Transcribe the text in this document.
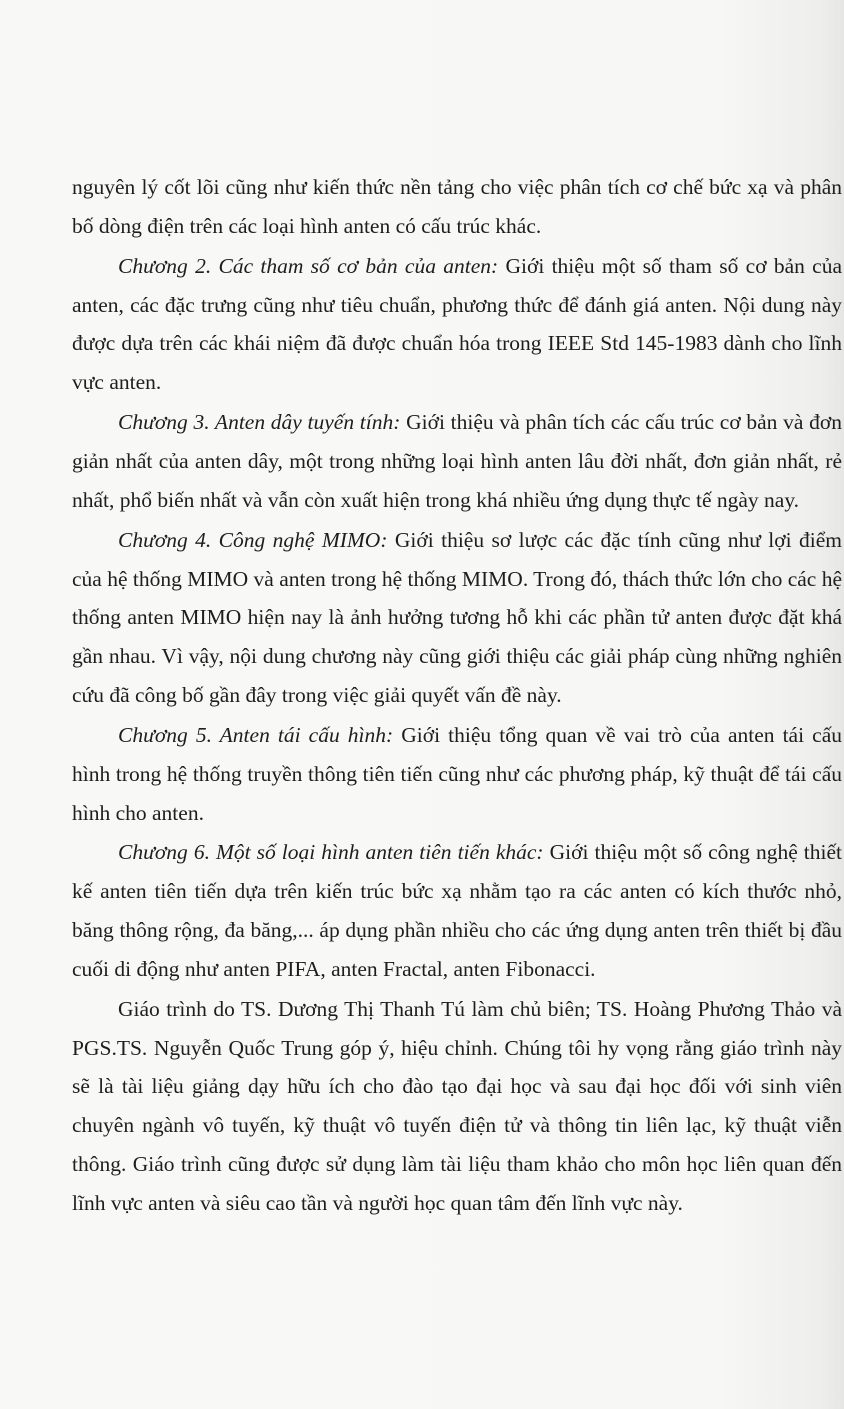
nguyên lý cốt lõi cũng như kiến thức nền tảng cho việc phân tích cơ chế bức xạ và phân bố dòng điện trên các loại hình anten có cấu trúc khác.

Chương 2. Các tham số cơ bản của anten: Giới thiệu một số tham số cơ bản của anten, các đặc trưng cũng như tiêu chuẩn, phương thức để đánh giá anten. Nội dung này được dựa trên các khái niệm đã được chuẩn hóa trong IEEE Std 145-1983 dành cho lĩnh vực anten.

Chương 3. Anten dây tuyến tính: Giới thiệu và phân tích các cấu trúc cơ bản và đơn giản nhất của anten dây, một trong những loại hình anten lâu đời nhất, đơn giản nhất, rẻ nhất, phổ biến nhất và vẫn còn xuất hiện trong khá nhiều ứng dụng thực tế ngày nay.

Chương 4. Công nghệ MIMO: Giới thiệu sơ lược các đặc tính cũng như lợi điểm của hệ thống MIMO và anten trong hệ thống MIMO. Trong đó, thách thức lớn cho các hệ thống anten MIMO hiện nay là ảnh hưởng tương hỗ khi các phần tử anten được đặt khá gần nhau. Vì vậy, nội dung chương này cũng giới thiệu các giải pháp cùng những nghiên cứu đã công bố gần đây trong việc giải quyết vấn đề này.

Chương 5. Anten tái cấu hình: Giới thiệu tổng quan về vai trò của anten tái cấu hình trong hệ thống truyền thông tiên tiến cũng như các phương pháp, kỹ thuật để tái cấu hình cho anten.

Chương 6. Một số loại hình anten tiên tiến khác: Giới thiệu một số công nghệ thiết kế anten tiên tiến dựa trên kiến trúc bức xạ nhằm tạo ra các anten có kích thước nhỏ, băng thông rộng, đa băng,... áp dụng phần nhiều cho các ứng dụng anten trên thiết bị đầu cuối di động như anten PIFA, anten Fractal, anten Fibonacci.

Giáo trình do TS. Dương Thị Thanh Tú làm chủ biên; TS. Hoàng Phương Thảo và PGS.TS. Nguyễn Quốc Trung góp ý, hiệu chỉnh. Chúng tôi hy vọng rằng giáo trình này sẽ là tài liệu giảng dạy hữu ích cho đào tạo đại học và sau đại học đối với sinh viên chuyên ngành vô tuyến, kỹ thuật vô tuyến điện tử và thông tin liên lạc, kỹ thuật viễn thông. Giáo trình cũng được sử dụng làm tài liệu tham khảo cho môn học liên quan đến lĩnh vực anten và siêu cao tần và người học quan tâm đến lĩnh vực này.
